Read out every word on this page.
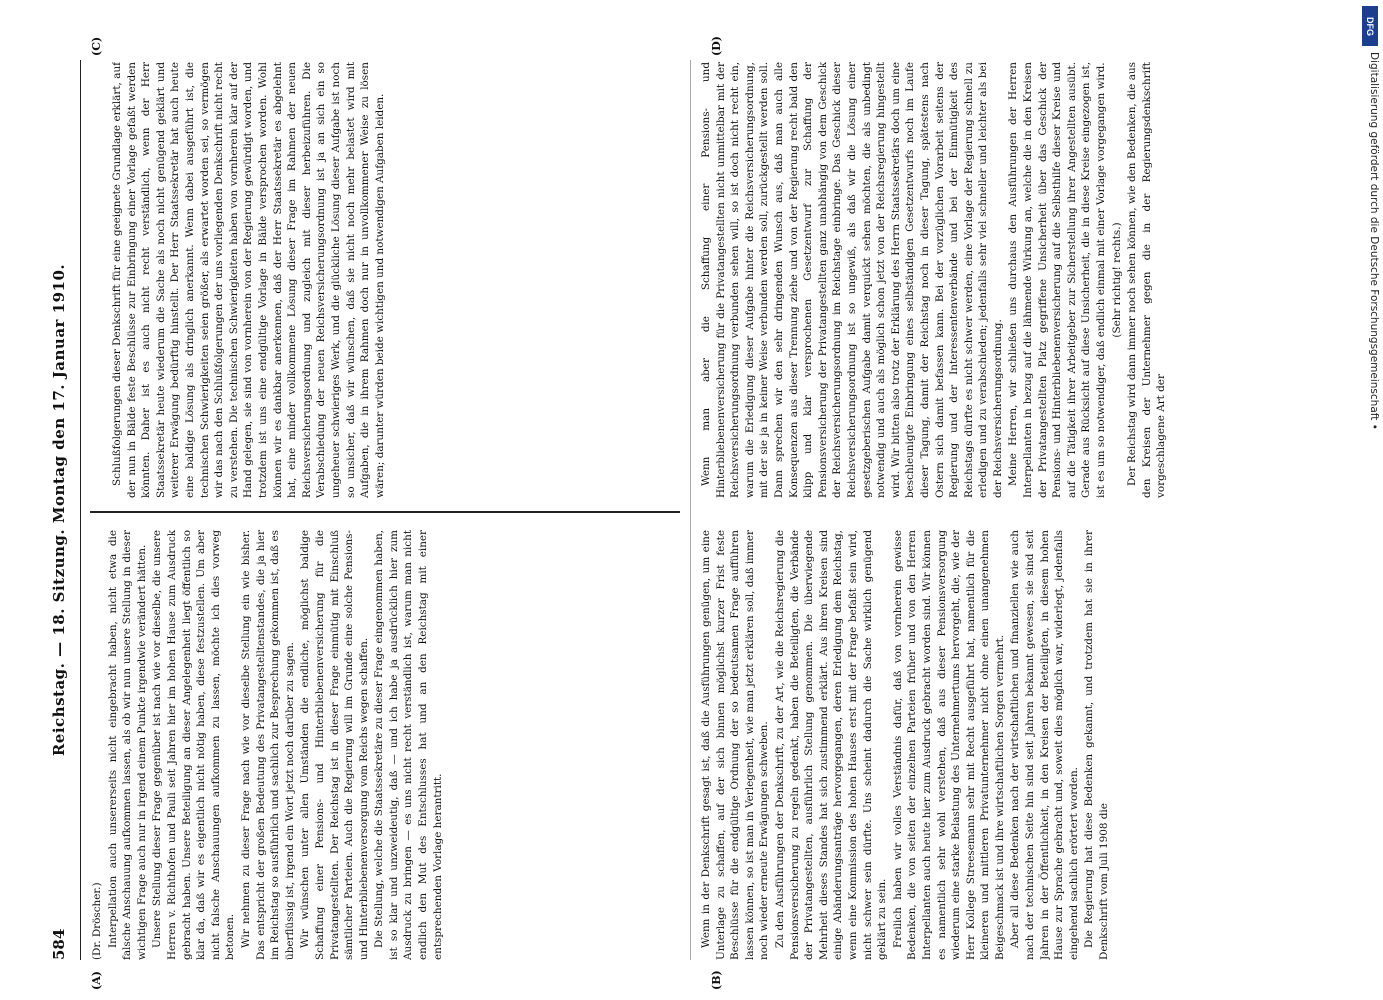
584
Reichstag. — 18. Sitzung. Montag den 17. Januar 1910.

(Dr. Dröscher.) Interpellation auch unsererseits nicht eingebracht haben, nicht etwa die falsche Anschauung aufkommen lassen, als ob wir nun unsere Stellung in dieser wichtigen Frage auch nur in irgend einem Punkte irgendwie verändert hätten. Unsere Stellung dieser Frage gegenüber ist nach wie vor dieselbe, die unsere Herren v. Richthofen und Pauli seit Jahren hier im hohen Hause zum Ausdruck gebracht haben. Unsere Beteiligung an dieser Angelegenheit liegt öffentlich so klar da, daß wir es eigentlich nicht nötig haben, diese festzustellen. Um aber nicht falsche Anschauungen aufkommen zu lassen, möchte ich dies vorweg betonen. Wir nehmen zu dieser Frage nach wie vor dieselbe Stellung ein wie bisher. Das entspricht der großen Bedeutung des Privatangestelltenstandes, die ja hier im Reichstag so ausführlich und sachlich zur Besprechung gekommen ist, daß es überflüssig ist, irgend ein Wort jetzt noch darüber zu sagen. Wir wünschen unter allen Umständen die endliche, möglichst baldige Schaffung einer Pensions- und Hinterbliebenenversicherung für die Privatangestellten. Der Reichstag ist in dieser Frage einmütig mit Einschluß sämtlicher Parteien. Auch die Regierung will im Grunde eine solche Pensions- und Hinterbliebenenversorgung vom Reichs wegen schaffen. Die Stellung, welche die Staatssekretäre zu dieser Frage eingenommen haben, ist so klar und unzweideutig, daß — und ich habe ja ausdrücklich hier zum Ausdruck zu bringen — es uns nicht recht verständlich ist, warum man nicht endlich den Mut des Entschlusses hat und an den Reichstag mit einer entsprechenden Vorlage herantritt.

Schlußfolgerungen dieser Denkschrift für eine geeignete Grundlage erklärt, auf der nun in Bälde feste Beschlüsse zur Einbringung einer Vorlage gefaßt werden könnten. Daher ist es auch nicht recht verständlich, wenn der Herr Staatssekretär heute wiederum die Sache als noch nicht genügend geklärt und weiterer Erwägung bedürftig hinstellt. Der Herr Staatssekretär hat auch heute eine baldige Lösung als dringlich anerkannt. Wenn dabei ausgeführt ist, die technischen Schwierigkeiten seien größer, als erwartet worden sei, so vermögen wir das nach den Schlußfolgerungen der uns vorliegenden Denkschrift nicht recht zu verstehen. Die technischen Schwierigkeiten haben von vornherein klar auf der Hand gelegen, sie sind von vornherein von der Regierung gewürdigt worden, und trotzdem ist uns eine endgültige Vorlage in Bälde versprochen worden. Wohl können wir es dankbar anerkennen, daß der Herr Staatssekretär es abgelehnt hat, eine minder vollkommene Lösung dieser Frage im Rahmen der neuen Reichsversicherungsordnung und zugleich mit dieser herbeizuführen. Die Verabschiedung der neuen Reichsversicherungsordnung ist ja an sich ein so ungeheuer schwieriges Werk, und die glückliche Lösung dieser Aufgabe ist noch so unsicher, daß wir wünschen, daß sie nicht noch mehr belastet wird mit Aufgaben, die in ihrem Rahmen doch nur in unvollkommener Weise zu lösen wären; darunter würden beide wichtigen und notwendigen Aufgaben leiden.

Wenn in der Denkschrift gesagt ist, daß die Ausführungen genügen, um eine Unterlage zu schaffen, auf der sich binnen möglichst kurzer Frist feste Beschlüsse für die endgültige Ordnung der so bedeutsamen Frage aufführen lassen können, so ist man in Verlegenheit, wie man jetzt erklären soll, daß immer noch wieder erneute Erwägungen schweben. Zu den Ausführungen der Denkschrift, zu der Art, wie die Reichsregierung die Pensionsversicherung zu regeln gedenkt, haben die Beteiligten, die Verbände der Privatangestellten, ausführlich Stellung genommen. Die überwiegende Mehrheit dieses Standes hat sich zustimmend erklärt. Aus ihren Kreisen sind einige Abänderungsanträge hervorgegangen, deren Erledigung dem Reichstag, wenn eine Kommission des hohen Hauses erst mit der Frage befaßt sein wird, nicht schwer sein dürfte. Uns scheint dadurch die Sache wirklich genügend geklärt zu sein. Freilich haben wir volles Verständnis dafür, daß von vornherein gewisse Bedenken, die von seiten der einzelnen Parteien früher und von den Herren Interpellanten auch heute hier zum Ausdruck gebracht worden sind. Wir können es namentlich sehr wohl verstehen, daß aus dieser Pensionsversorgung wiederum eine starke Belastung des Unternehmertums hervorgeht, die, wie der Herr Kollege Streesemann sehr mit Recht ausgeführt hat, namentlich für die kleineren und mittleren Privatunternehmer nicht ohne einen unangenehmen Beigeschmack ist und ihre wirtschaftlichen Sorgen vermehrt. Aber all diese Bedenken nach der wirtschaftlichen und finanziellen wie auch nach der technischen Seite hin sind seit Jahren bekannt gewesen, sie sind seit Jahren in der Öffentlichkeit, in den Kreisen der Beteiligten, in diesem hohen Hause zur Sprache gebracht und, soweit dies möglich war, widerlegt, jedenfalls eingehend sachlich erörtert worden. Die Regierung hat diese Bedenken gekannt, und trotzdem hat sie in ihrer Denkschrift vom Juli 1908 die

Wenn man aber die Schaffung einer Pensions- und Hinterbliebenenversicherung für die Privatangestellten nicht unmittelbar mit der Reichsversicherungsordnung verbunden sehen will, so ist doch nicht recht ein, warum die Erledigung dieser Aufgabe hinter die Reichsversicherungsordnung, mit der sie ja in keiner Weise verbunden werden soll, zurückgestellt werden soll. Dann sprechen wir den sehr dringenden Wunsch aus, daß man auch alle Konsequenzen aus dieser Trennung ziehe und von der Regierung recht bald den klipp und klar versprochenen Gesetzentwurf zur Schaffung der Pensionsversicherung der Privatangestellten ganz unabhängig von dem Geschick der Reichsversicherungsordnung im Reichstage einbringe. Das Geschick dieser Reichsversicherungsordnung ist so ungewiß, als daß wir die Lösung einer gesetzgeberischen Aufgabe damit verquickt sehen möchten, die als unbedingt notwendig und auch als möglich schon jetzt von der Reichsregierung hingestellt wird. Wir bitten also trotz der Erklärung des Herrn Staatssekretärs doch um eine beschleunigte Einbringung eines selbständigen Gesetzentwurfs noch im Laufe dieser Tagung, damit der Reichstag noch in dieser Tagung, spätestens nach Ostern sich damit befassen kann. Bei der vorzüglichen Vorarbeit seitens der Regierung und der Interessentenverbände und bei der Einmütigkeit des Reichstags dürfte es nicht schwer werden, eine Vorlage der Regierung schnell zu erledigen und zu verabschieden; jedenfalls sehr viel schneller und leichter als bei der Reichsversicherungsordnung. Meine Herren, wir schließen uns durchaus den Ausführungen der Herren Interpellanten in bezug auf die lähmende Wirkung an, welche die in den Kreisen der Privatangestellten Platz gegriffene Unsicherheit über das Geschick der Pensions- und Hinterbliebenenversicherung auf die Selbsthilfe dieser Kreise und auf die Tätigkeit ihrer Arbeitgeber zur Sicherstellung ihrer Angestellten ausübt. Gerade aus Rücksicht auf diese Unsicherheit, die in diese Kreise eingezogen ist, ist es um so notwendiger, daß endlich einmal mit einer Vorlage vorgegangen wird. (Sehr richtig! rechts.) Der Reichstag wird dann immer noch sehen können, wie den Bedenken, die aus den Kreisen der Unternehmer gegen die in der Regierungsdenkschrift vorgeschlagene Art der

(A)	(B)
(C)	(D)
DFG
Digitalisierung gefördert durch die Deutsche Forschungsgemeinschaft •
